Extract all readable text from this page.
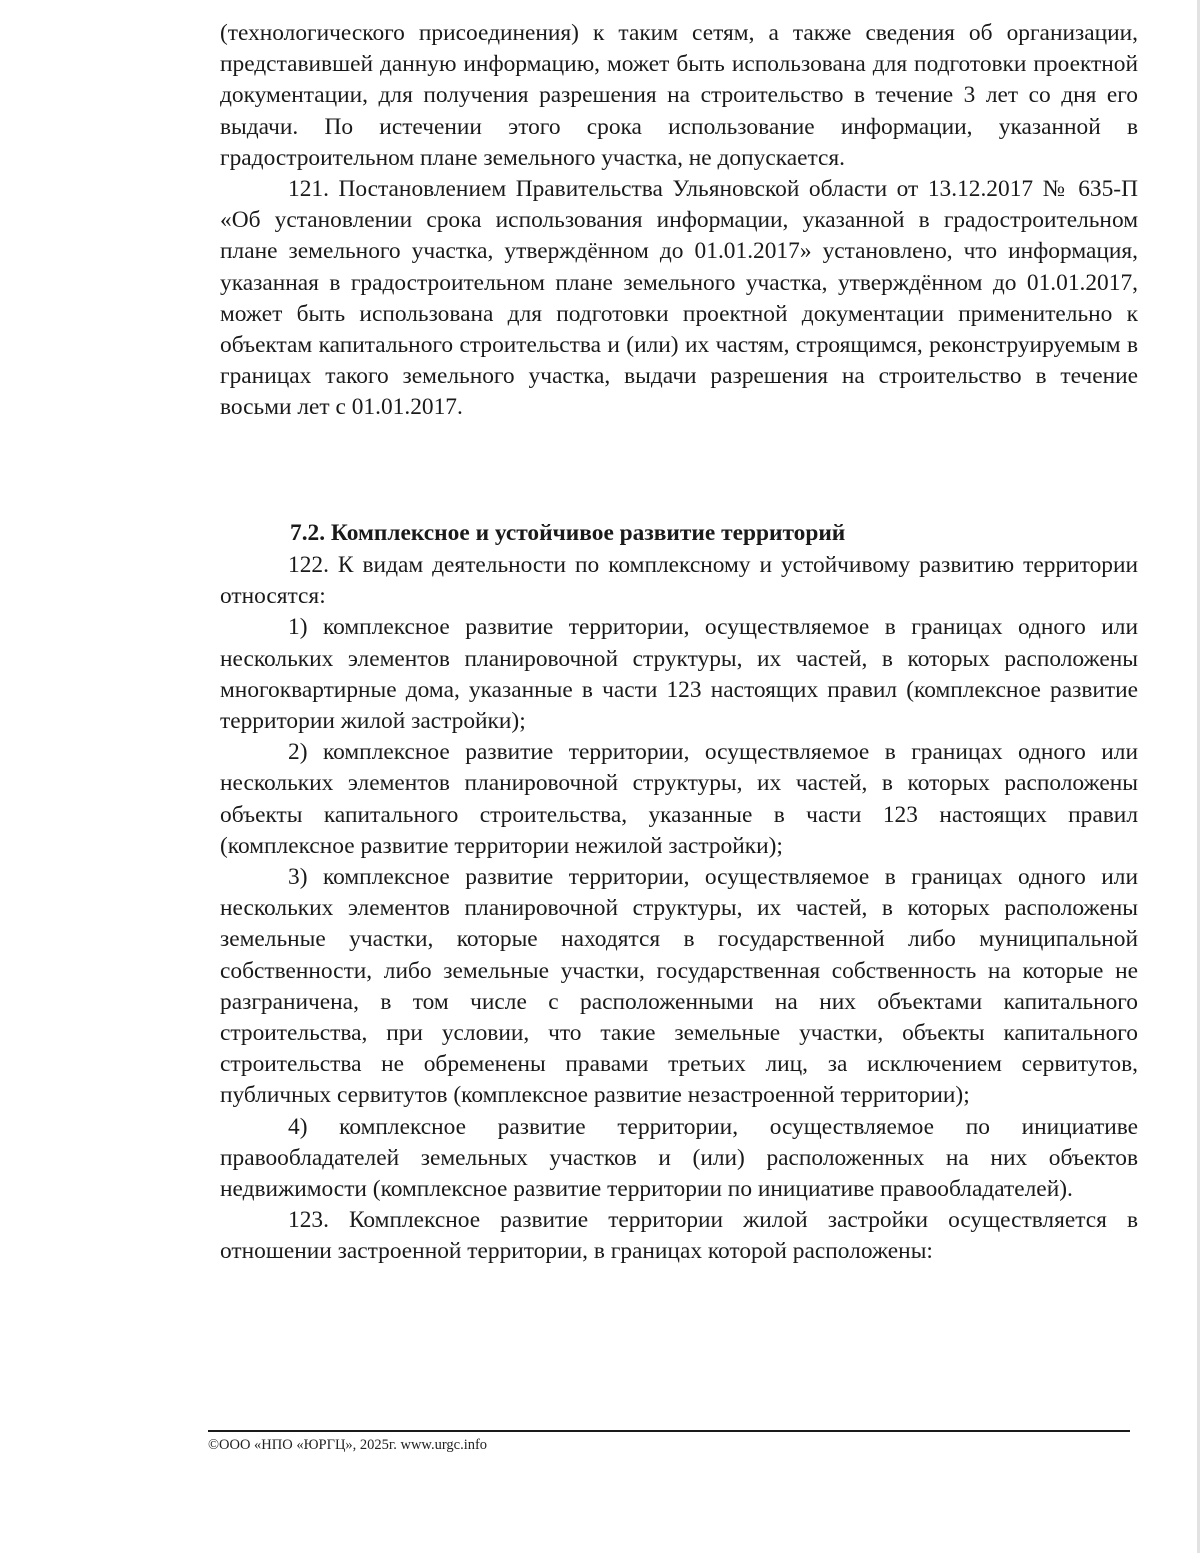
(технологического присоединения) к таким сетям, а также сведения об организации, представившей данную информацию, может быть использована для подготовки проектной документации, для получения разрешения на строительство в течение 3 лет со дня его выдачи. По истечении этого срока использование информации, указанной в градостроительном плане земельного участка, не допускается.

121. Постановлением Правительства Ульяновской области от 13.12.2017 № 635-П «Об установлении срока использования информации, указанной в градостроительном плане земельного участка, утверждённом до 01.01.2017» установлено, что информация, указанная в градостроительном плане земельного участка, утверждённом до 01.01.2017, может быть использована для подготовки проектной документации применительно к объектам капитального строительства и (или) их частям, строящимся, реконструируемым в границах такого земельного участка, выдачи разрешения на строительство в течение восьми лет с 01.01.2017.

7.2. Комплексное и устойчивое развитие территорий

122. К видам деятельности по комплексному и устойчивому развитию территории относятся:

1) комплексное развитие территории, осуществляемое в границах одного или нескольких элементов планировочной структуры, их частей, в которых расположены многоквартирные дома, указанные в части 123 настоящих правил (комплексное развитие территории жилой застройки);

2) комплексное развитие территории, осуществляемое в границах одного или нескольких элементов планировочной структуры, их частей, в которых расположены объекты капитального строительства, указанные в части 123 настоящих правил (комплексное развитие территории нежилой застройки);

3) комплексное развитие территории, осуществляемое в границах одного или нескольких элементов планировочной структуры, их частей, в которых расположены земельные участки, которые находятся в государственной либо муниципальной собственности, либо земельные участки, государственная собственность на которые не разграничена, в том числе с расположенными на них объектами капитального строительства, при условии, что такие земельные участки, объекты капитального строительства не обременены правами третьих лиц, за исключением сервитутов, публичных сервитутов (комплексное развитие незастроенной территории);

4) комплексное развитие территории, осуществляемое по инициативе правообладателей земельных участков и (или) расположенных на них объектов недвижимости (комплексное развитие территории по инициативе правообладателей).

123. Комплексное развитие территории жилой застройки осуществляется в отношении застроенной территории, в границах которой расположены:

©ООО «НПО «ЮРГЦ», 2025г. www.urgc.info
